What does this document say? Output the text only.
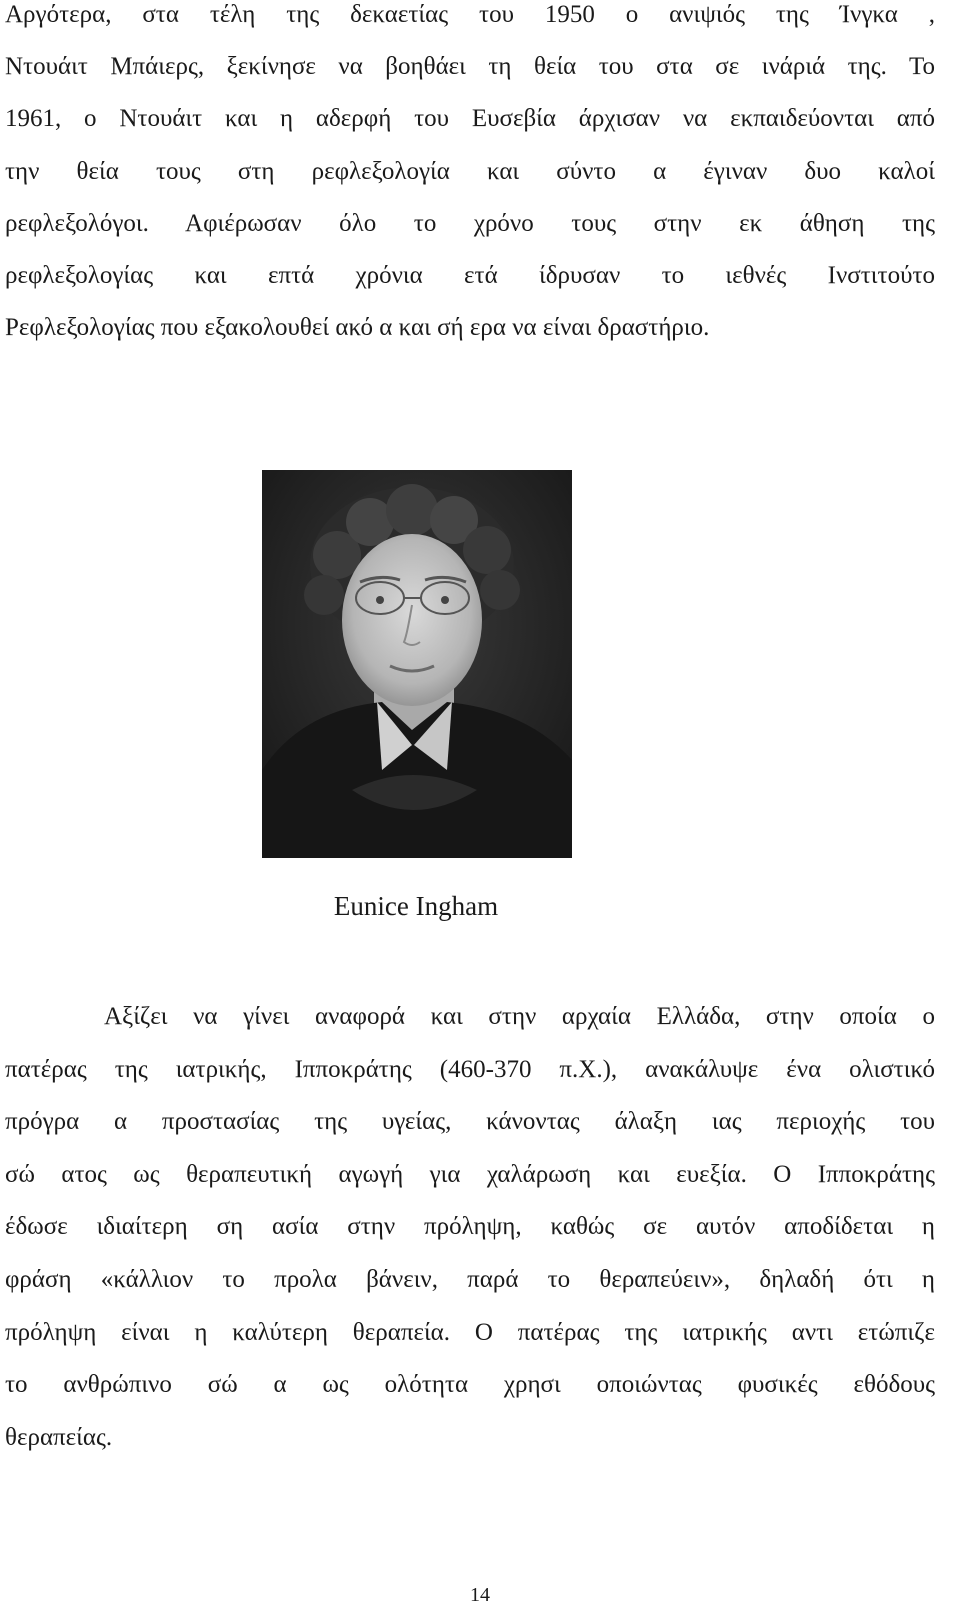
Αργότερα, στα τέλη της δεκαετίας του 1950 ο ανιψιός της Ίνγκα ,
Ντουάιτ Μπάιερς, ξεκίνησε να βοηθάει τη θεία του στα σε ινάριά της. Το
1961, ο Ντουάιτ και η αδερφή του Ευσεβία άρχισαν να εκπαιδεύονται από
την θεία τους στη ρεφλεξολογία και σύντο α έγιναν δυο καλοί
ρεφλεξολόγοι. Αφιέρωσαν όλο το χρόνο τους στην εκ άθηση της
ρεφλεξολογίας και επτά χρόνια ετά ίδρυσαν το ιεθνές Ινστιτούτο
Ρεφλεξολογίας που εξακολουθεί ακό α και σή ερα να είναι δραστήριο.
Eunice Ingham
Αξίζει να γίνει αναφορά και στην αρχαία Ελλάδα, στην οποία ο
πατέρας της ιατρικής, Ιπποκράτης (460-370 π.Χ.), ανακάλυψε ένα ολιστικό
πρόγρα α προστασίας της υγείας, κάνοντας άλαξη ιας περιοχής του
σώ ατος ως θεραπευτική αγωγή για χαλάρωση και ευεξία. Ο Ιπποκράτης
έδωσε ιδιαίτερη ση ασία στην πρόληψη, καθώς σε αυτόν αποδίδεται η
φράση «κάλλιον το προλα βάνειν, παρά το θεραπεύειν», δηλαδή ότι η
πρόληψη είναι η καλύτερη θεραπεία. Ο πατέρας της ιατρικής αντι ετώπιζε
το ανθρώπινο σώ α ως ολότητα χρησι οποιώντας φυσικές εθόδους
θεραπείας.
14
